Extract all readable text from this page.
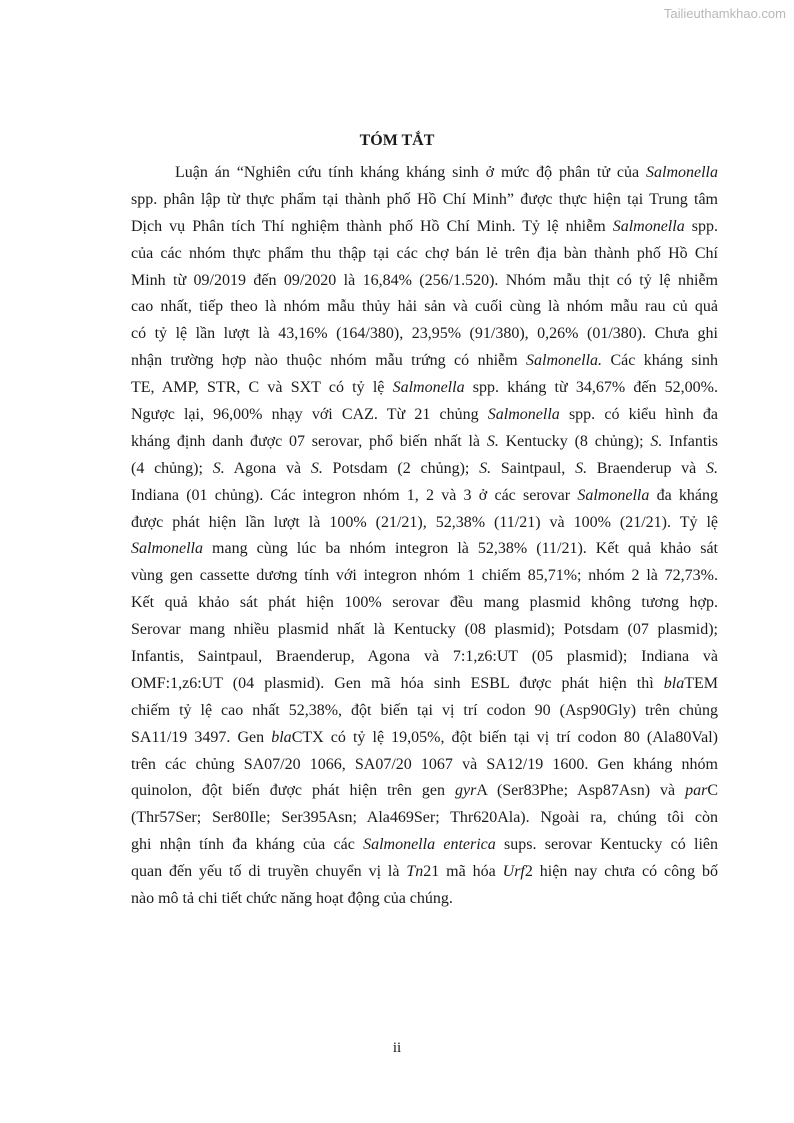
Tailieuthamkhao.com
TÓM TẮT
Luận án “Nghiên cứu tính kháng kháng sinh ở mức độ phân tử của Salmonella
spp. phân lập từ thực phẩm tại thành phố Hồ Chí Minh” được thực hiện tại Trung tâm
Dịch vụ Phân tích Thí nghiệm thành phố Hồ Chí Minh. Tỷ lệ nhiễm Salmonella spp.
của các nhóm thực phẩm thu thập tại các chợ bán lẻ trên địa bàn thành phố Hồ Chí
Minh từ 09/2019 đến 09/2020 là 16,84% (256/1.520). Nhóm mẫu thịt có tỷ lệ nhiễm
cao nhất, tiếp theo là nhóm mẫu thủy hải sản và cuối cùng là nhóm mẫu rau củ quả
có tỷ lệ lần lượt là 43,16% (164/380), 23,95% (91/380), 0,26% (01/380). Chưa ghi
nhận trường hợp nào thuộc nhóm mẫu trứng có nhiễm Salmonella. Các kháng sinh
TE, AMP, STR, C và SXT có tỷ lệ Salmonella spp. kháng từ 34,67% đến 52,00%.
Ngược lại, 96,00% nhạy với CAZ. Từ 21 chủng Salmonella spp. có kiểu hình đa
kháng định danh được 07 serovar, phổ biến nhất là S. Kentucky (8 chủng); S. Infantis
(4 chủng); S. Agona và S. Potsdam (2 chủng); S. Saintpaul, S. Braenderup và S.
Indiana (01 chủng). Các integron nhóm 1, 2 và 3 ở các serovar Salmonella đa kháng
được phát hiện lần lượt là 100% (21/21), 52,38% (11/21) và 100% (21/21). Tỷ lệ
Salmonella mang cùng lúc ba nhóm integron là 52,38% (11/21). Kết quả khảo sát
vùng gen cassette dương tính với integron nhóm 1 chiếm 85,71%; nhóm 2 là 72,73%.
Kết quả khảo sát phát hiện 100% serovar đều mang plasmid không tương hợp.
Serovar mang nhiều plasmid nhất là Kentucky (08 plasmid); Potsdam (07 plasmid);
Infantis, Saintpaul, Braenderup, Agona và 7:1,z6:UT (05 plasmid); Indiana và
OMF:1,z6:UT (04 plasmid). Gen mã hóa sinh ESBL được phát hiện thì blaTEM
chiếm tỷ lệ cao nhất 52,38%, đột biến tại vị trí codon 90 (Asp90Gly) trên chủng
SA11/19 3497. Gen blaCTX có tỷ lệ 19,05%, đột biến tại vị trí codon 80 (Ala80Val)
trên các chủng SA07/20 1066, SA07/20 1067 và SA12/19 1600. Gen kháng nhóm
quinolon, đột biến được phát hiện trên gen gyrA (Ser83Phe; Asp87Asn) và parC
(Thr57Ser; Ser80Ile; Ser395Asn; Ala469Ser; Thr620Ala). Ngoài ra, chúng tôi còn
ghi nhận tính đa kháng của các Salmonella enterica sups. serovar Kentucky có liên
quan đến yếu tố di truyền chuyển vị là Tn21 mã hóa Urf2 hiện nay chưa có công bố
nào mô tả chi tiết chức năng hoạt động của chúng.
ii
